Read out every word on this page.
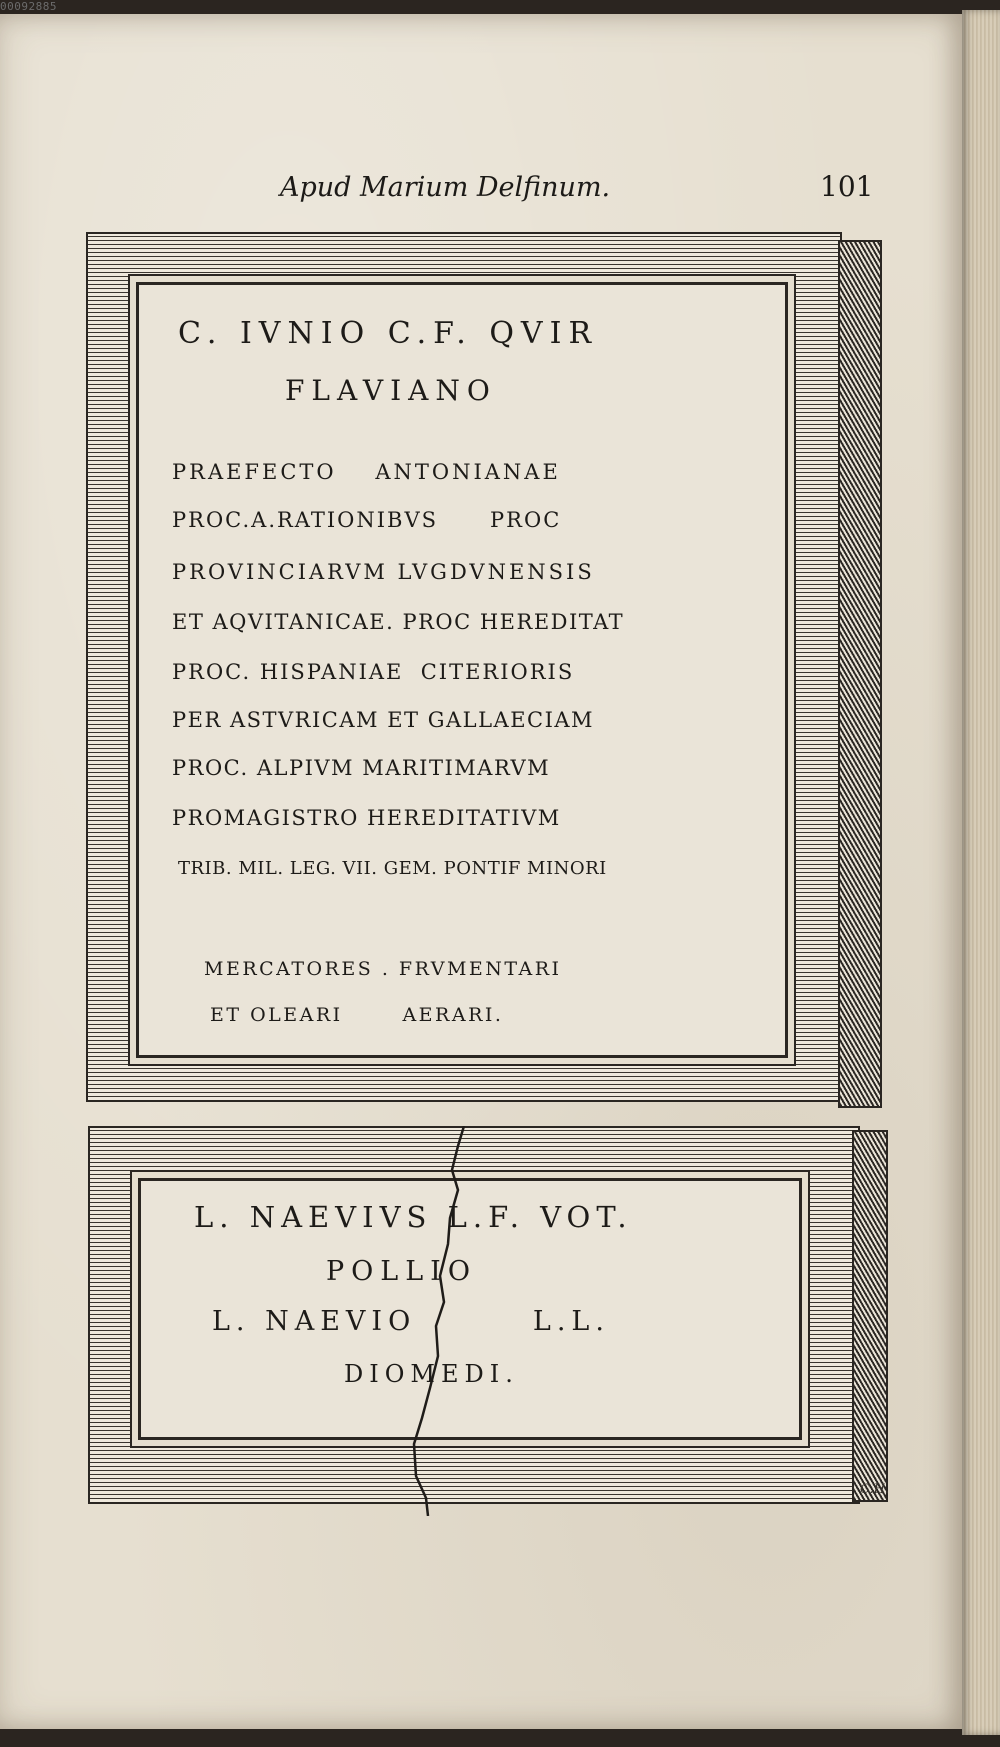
00092885
Apud Marium Delfinum.	101
C. IVNIO C.F. QVIR
FLAVIANO
PRAEFECTO    ANTONIANAE
PROC.A.RATIONIBVS      PROC
PROVINCIARVM LVGDVNENSIS
ET AQVITANICAE. PROC HEREDITAT
PROC. HISPANIAE  CITERIORIS
PER ASTVRICAM ET GALLAECIAM
PROC. ALPIVM MARITIMARVM
PROMAGISTRO HEREDITATIVM
TRIB. MIL. LEG. VII. GEM. PONTIF MINORI
MERCATORES . FRVMENTARI
ET OLEARI       AERARI.
L. NAEVIVS L.F. VOT.
POLLIO
L. NAEVIO        L.L.
DIOMEDI.
C.H.
